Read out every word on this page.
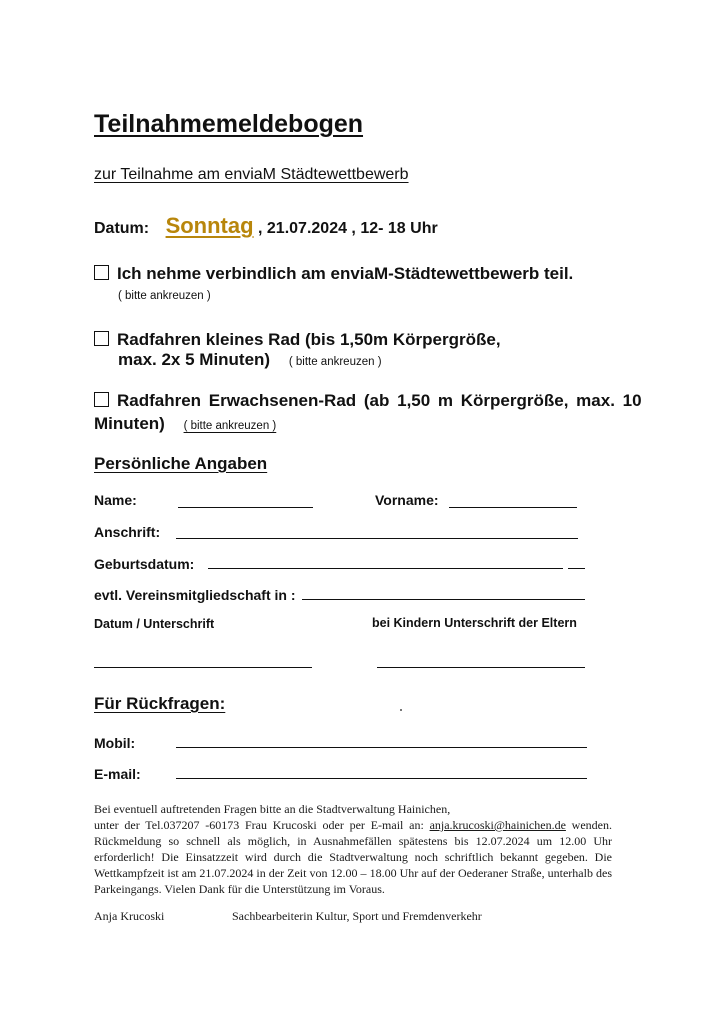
Teilnahmemeldebogen
zur Teilnahme am enviaM Städtewettbewerb
Datum: Sonntag , 21.07.2024 , 12- 18 Uhr
Ich nehme verbindlich am enviaM-Städtewettbewerb teil.
( bitte ankreuzen )
Radfahren kleines Rad (bis 1,50m Körpergröße,
max. 2x 5 Minuten) ( bitte ankreuzen )
Radfahren Erwachsenen-Rad (ab 1,50 m Körpergröße, max. 10
Minuten) ( bitte ankreuzen )
Persönliche Angaben
Name:	Vorname:
Anschrift:
Geburtsdatum:
evtl. Vereinsmitgliedschaft in :
Datum / Unterschrift	bei Kindern Unterschrift der Eltern
Für Rückfragen:
Mobil:
E-mail:

Bei eventuell auftretenden Fragen bitte an die Stadtverwaltung Hainichen,

unter der Tel.037207 -60173 Frau Krucoski oder per E-mail an: anja.krucoski@hainichen.de wenden. Rückmeldung so schnell als möglich, in Ausnahmefällen spätestens bis 12.07.2024 um 12.00 Uhr erforderlich! Die Einsatzzeit wird durch die Stadtverwaltung noch schriftlich bekannt gegeben. Die Wettkampfzeit ist am 21.07.2024 in der Zeit von 12.00 – 18.00 Uhr auf der Oederaner Straße, unterhalb des Parkeingangs. Vielen Dank für die Unterstützung im Voraus.

Anja Krucoski	Sachbearbeiterin Kultur, Sport und Fremdenverkehr
